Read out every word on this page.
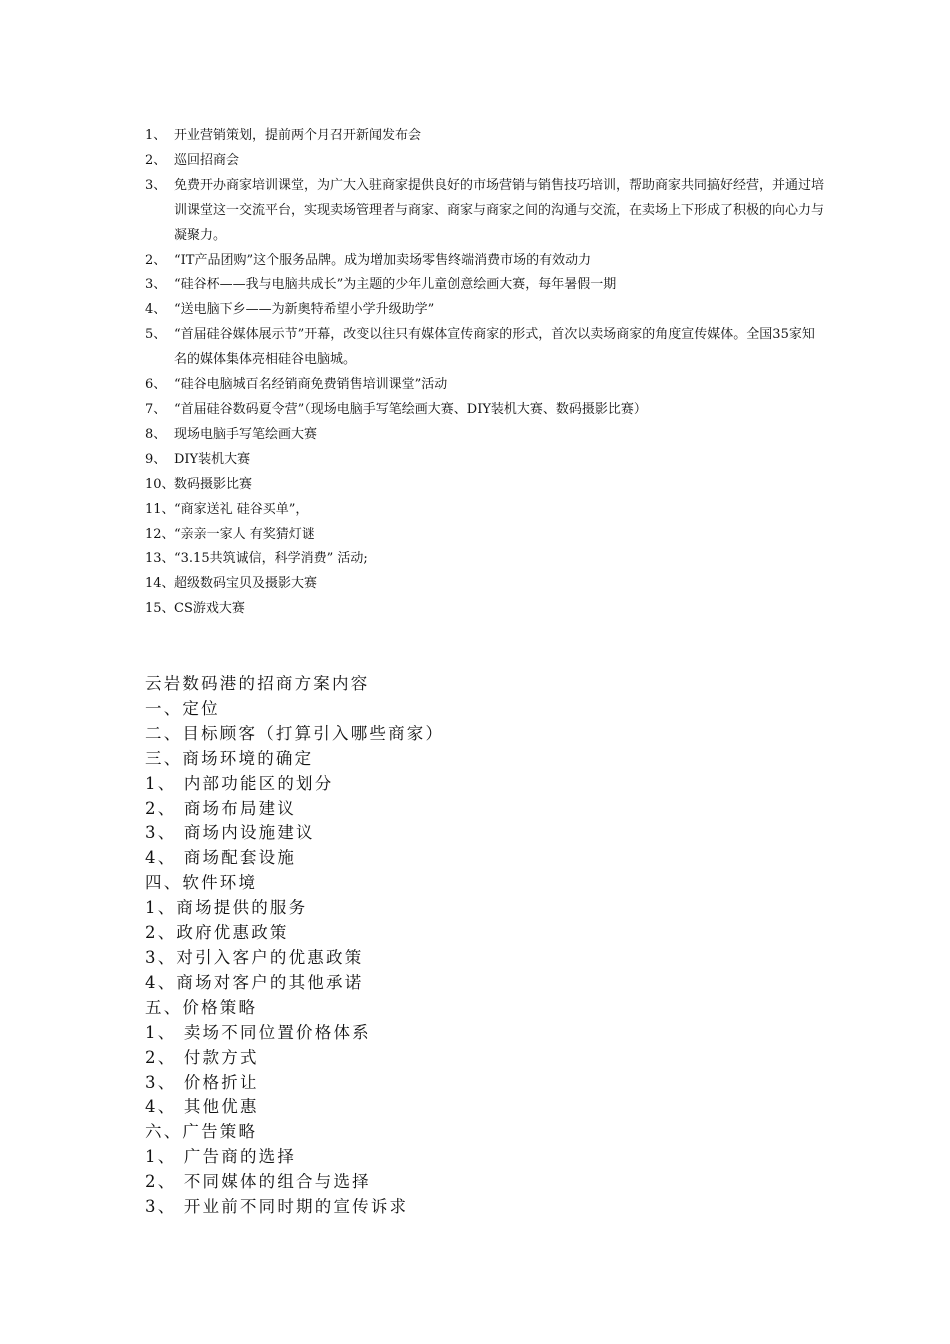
1、 开业营销策划，提前两个月召开新闻发布会
2、 巡回招商会
3、 免费开办商家培训课堂，为广大入驻商家提供良好的市场营销与销售技巧培训，帮助商家共同搞好经营，并通过培训课堂这一交流平台，实现卖场管理者与商家、商家与商家之间的沟通与交流，在卖场上下形成了积极的向心力与凝聚力。
2、 “IT产品团购”这个服务品牌。成为增加卖场零售终端消费市场的有效动力
3、 “硅谷杯——我与电脑共成长”为主题的少年儿童创意绘画大赛，每年暑假一期
4、 “送电脑下乡——为新奥特希望小学升级助学”
5、 “首届硅谷媒体展示节”开幕，改变以往只有媒体宣传商家的形式，首次以卖场商家的角度宣传媒体。全国35家知名的媒体集体亮相硅谷电脑城。
6、 “硅谷电脑城百名经销商免费销售培训课堂”活动
7、 “首届硅谷数码夏令营”（现场电脑手写笔绘画大赛、DIY装机大赛、数码摄影比赛）
8、 现场电脑手写笔绘画大赛
9、 DIY装机大赛
10、 数码摄影比赛
11、 “商家送礼 硅谷买单”，
12、 “亲亲一家人 有奖猜灯谜
13、 “3.15共筑诚信，科学消费” 活动;
14、 超级数码宝贝及摄影大赛
15、 CS游戏大赛
云岩数码港的招商方案内容
一、定位
二、目标顾客（打算引入哪些商家）
三、商场环境的确定
1、 内部功能区的划分
2、 商场布局建议
3、 商场内设施建议
4、 商场配套设施
四、软件环境
1、商场提供的服务
2、政府优惠政策
3、对引入客户的优惠政策
4、商场对客户的其他承诺
五、价格策略
1、 卖场不同位置价格体系
2、 付款方式
3、 价格折让
4、 其他优惠
六、广告策略
1、 广告商的选择
2、 不同媒体的组合与选择
3、 开业前不同时期的宣传诉求
